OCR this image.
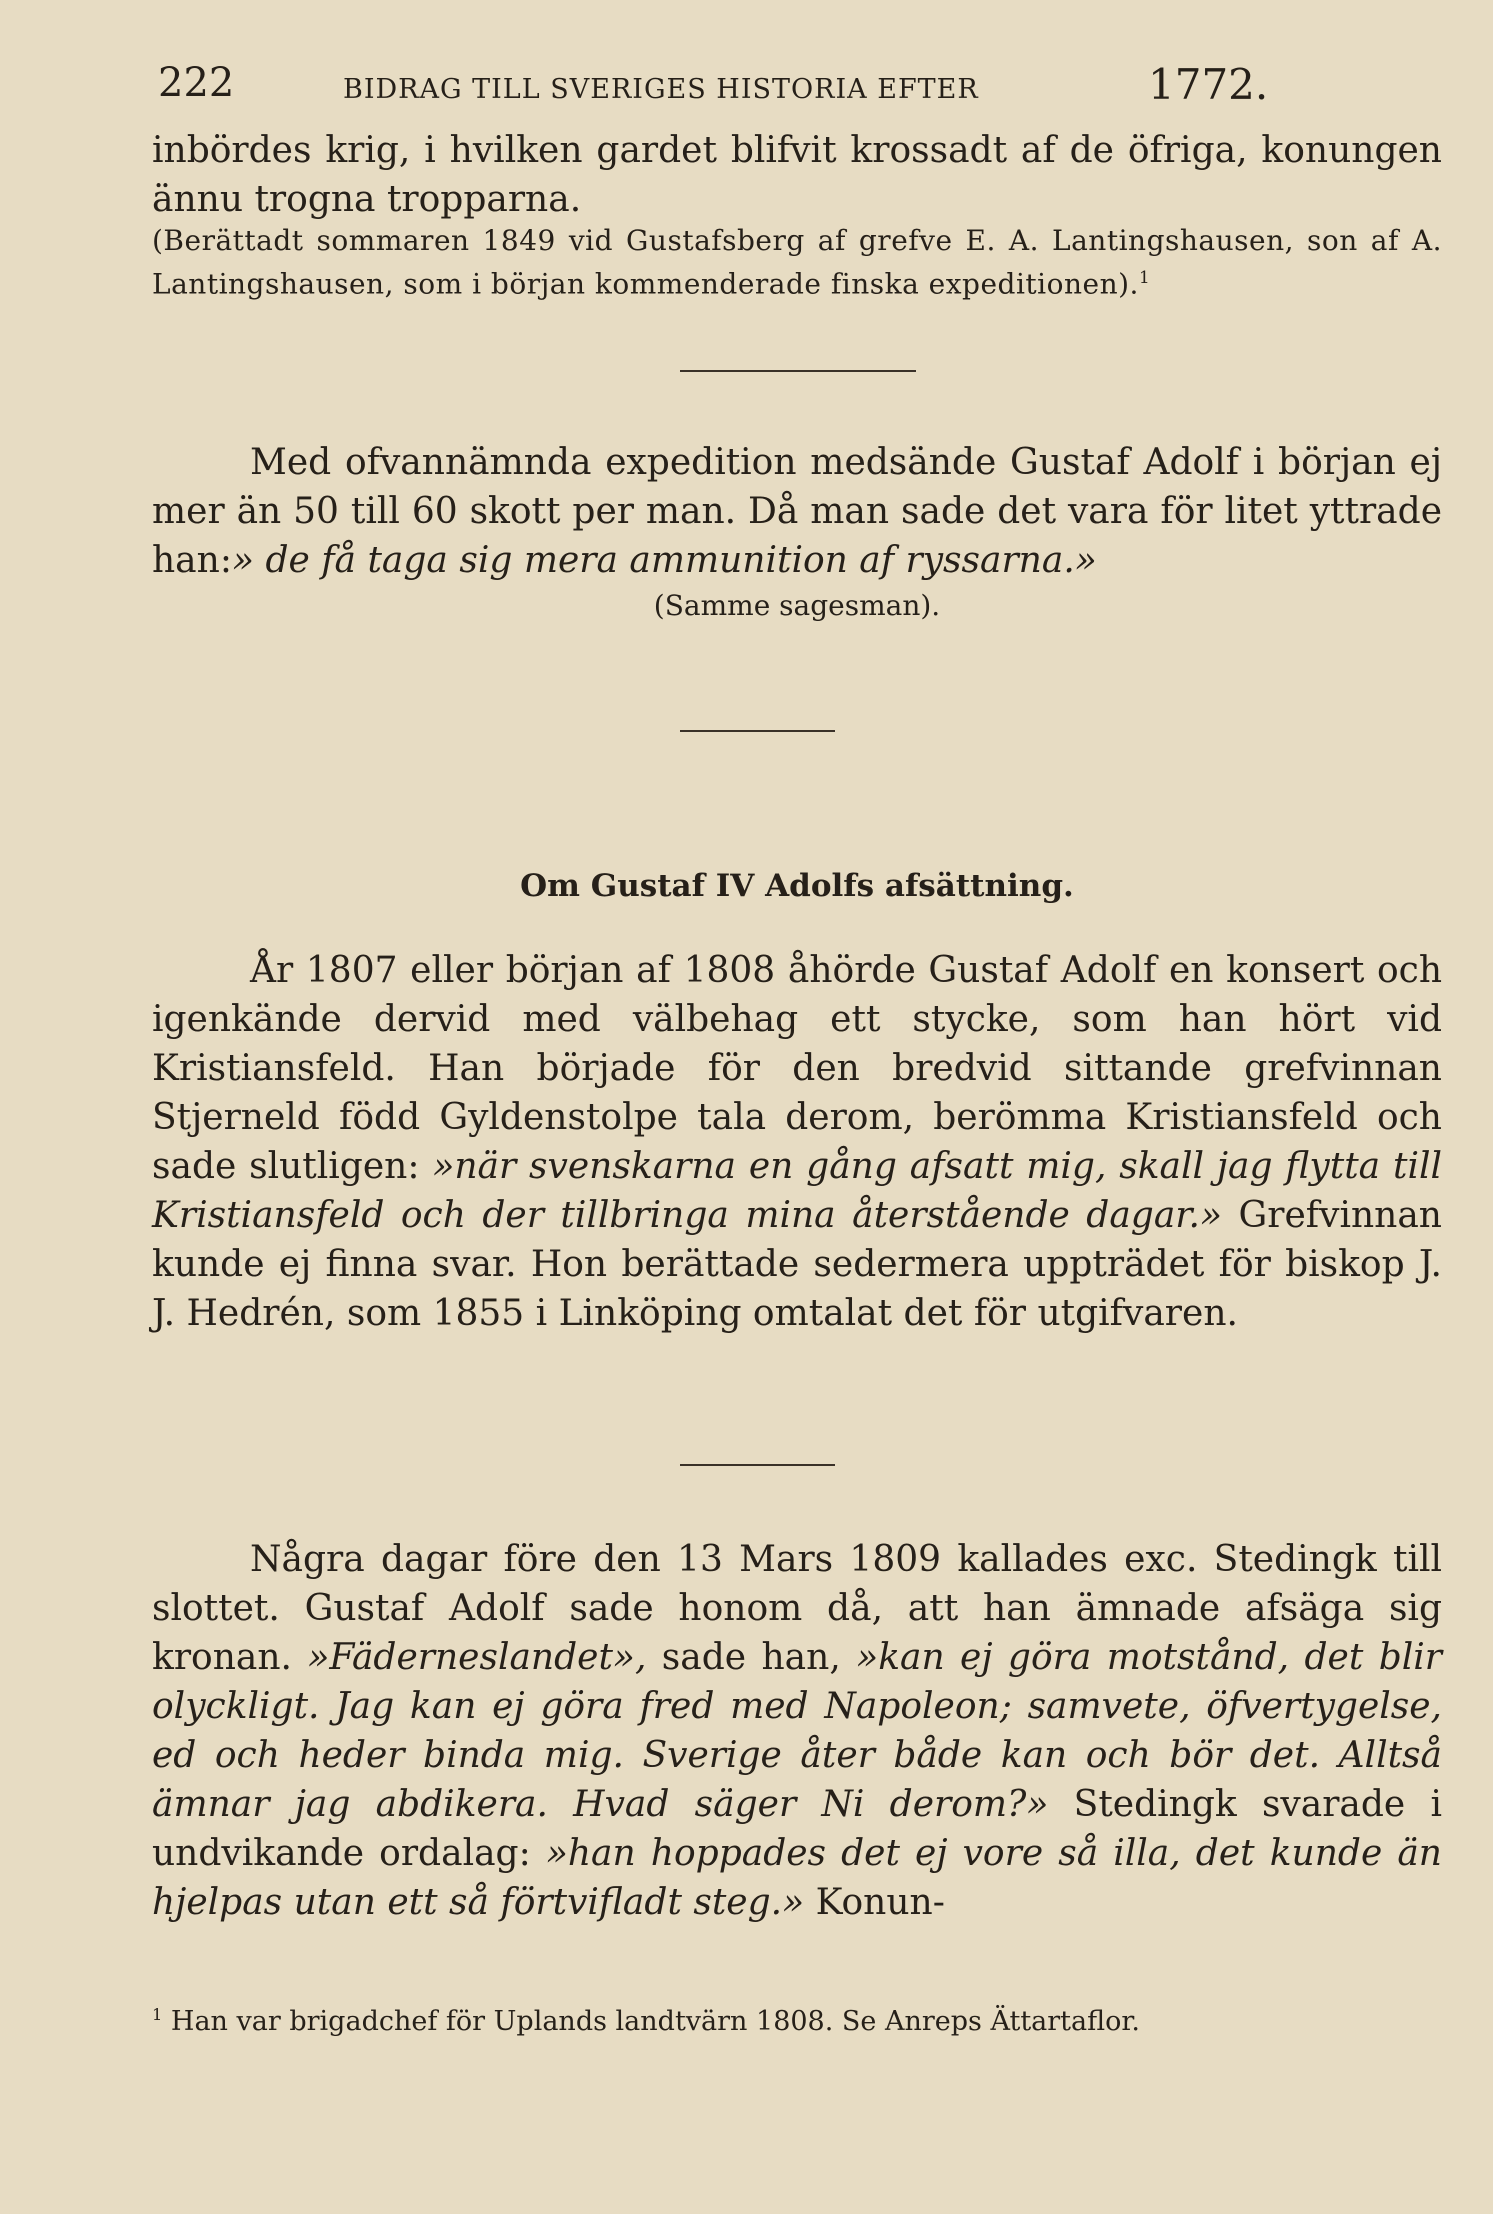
222	BIDRAG TILL SVERIGES HISTORIA EFTER	1772.

inbördes krig, i hvilken gardet blifvit krossadt af de öfriga, konungen ännu trogna tropparna.

(Berättadt sommaren 1849 vid Gustafsberg af grefve E. A. Lantingshausen, son af A. Lantingshausen, som i början kommenderade finska expeditionen).$^1$

Med ofvannämnda expedition medsände Gustaf Adolf i början ej mer än 50 till 60 skott per man. Då man sade det vara för litet yttrade han:» de få taga sig mera ammunition af ryssarna.»

(Samme sagesman).

Om Gustaf IV Adolfs afsättning.

År 1807 eller början af 1808 åhörde Gustaf Adolf en konsert och igenkände dervid med välbehag ett stycke, som han hört vid Kristiansfeld. Han började för den bredvid sittande grefvinnan Stjerneld född Gyldenstolpe tala derom, berömma Kristiansfeld och sade slutligen: »när svenskarna en gång afsatt mig, skall jag flytta till Kristiansfeld och der tillbringa mina återstående dagar.» Grefvinnan kunde ej finna svar. Hon berättade sedermera uppträdet för biskop J. J. Hedrén, som 1855 i Linköping omtalat det för utgifvaren.

Några dagar före den 13 Mars 1809 kallades exc. Stedingk till slottet. Gustaf Adolf sade honom då, att han ämnade afsäga sig kronan. »Fäderneslandet», sade han, »kan ej göra motstånd, det blir olyckligt. Jag kan ej göra fred med Napoleon; samvete, öfvertygelse, ed och heder binda mig. Sverige åter både kan och bör det. Alltså ämnar jag abdikera. Hvad säger Ni derom?» Stedingk svarade i undvikande ordalag: »han hoppades det ej vore så illa, det kunde än hjelpas utan ett så förtvifladt steg.» Konun-

$^1$ Han var brigadchef för Uplands landtvärn 1808. Se Anreps Ättartaflor.
